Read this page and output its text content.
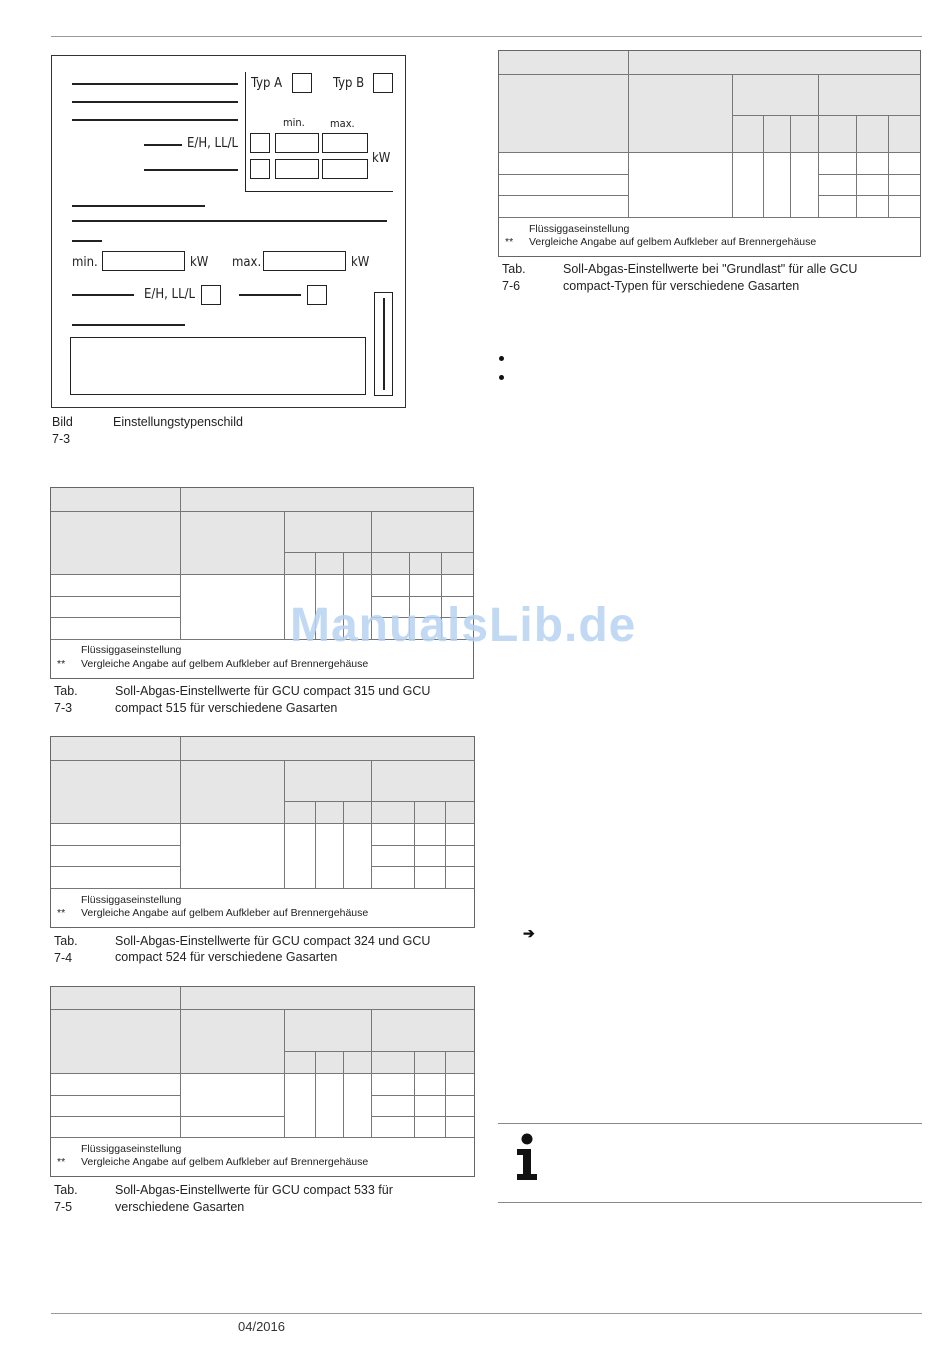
E/H, LL/L
Typ A	Typ B
min. max.
kW
min.	kW max.	kW
E/H, LL/L
Bild 7-3
Einstellungstypenschild
Flüssiggaseinstellung
** Vergleiche Angabe auf gelbem Aufkleber auf Brennergehäuse
Tab. 7-6
Soll-Abgas-Einstellwerte bei "Grundlast" für alle GCU
compact-Typen für verschiedene Gasarten
Flüssiggaseinstellung
** Vergleiche Angabe auf gelbem Aufkleber auf Brennergehäuse
Tab. 7-3
Soll-Abgas-Einstellwerte für GCU compact 315 und GCU
compact 515 für verschiedene Gasarten
Flüssiggaseinstellung
** Vergleiche Angabe auf gelbem Aufkleber auf Brennergehäuse
Tab. 7-4
Soll-Abgas-Einstellwerte für GCU compact 324 und GCU
compact 524 für verschiedene Gasarten
Flüssiggaseinstellung
** Vergleiche Angabe auf gelbem Aufkleber auf Brennergehäuse
Tab. 7-5
Soll-Abgas-Einstellwerte für GCU compact 533 für
verschiedene Gasarten
➔
ManualsLib.de
04/2016
